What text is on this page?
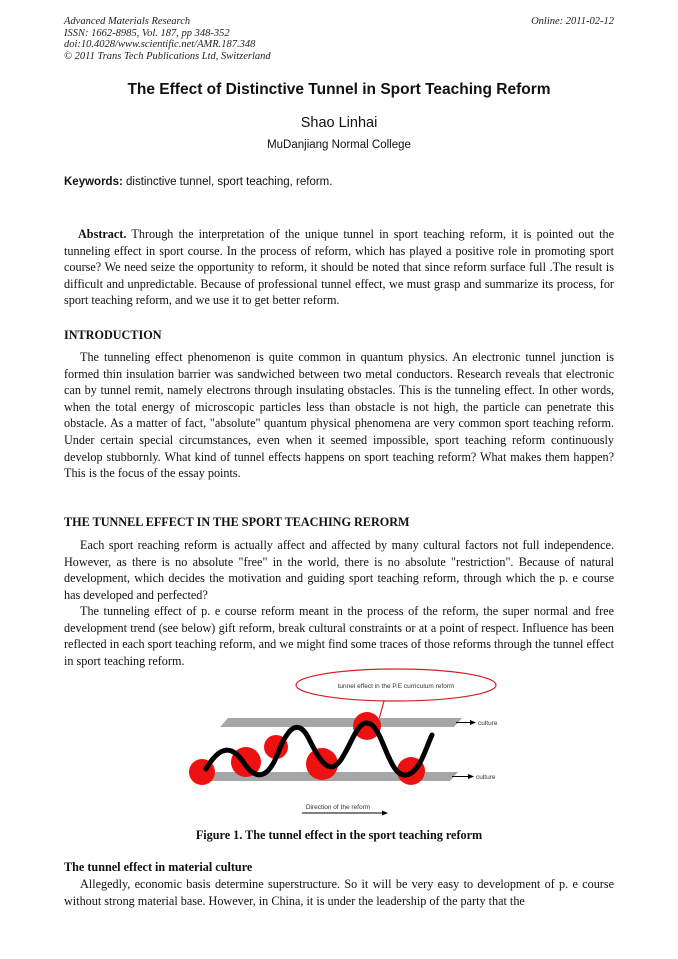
Advanced Materials Research
ISSN: 1662-8985, Vol. 187, pp 348-352
doi:10.4028/www.scientific.net/AMR.187.348
© 2011 Trans Tech Publications Ltd, Switzerland
Online: 2011-02-12
The Effect of Distinctive Tunnel in Sport Teaching Reform
Shao Linhai
MuDanjiang Normal College
Keywords: distinctive tunnel, sport teaching, reform.

Abstract. Through the interpretation of the unique tunnel in sport teaching reform, it is pointed out the tunneling effect in sport course. In the process of reform, which has played a positive role in promoting sport course? We need seize the opportunity to reform, it should be noted that since reform surface full .The result is difficult and unpredictable. Because of professional tunnel effect, we must grasp and summarize its process, for sport teaching reform, and we use it to get better reform.

INTRODUCTION

The tunneling effect phenomenon is quite common in quantum physics. An electronic tunnel junction is formed thin insulation barrier was sandwiched between two metal conductors. Research reveals that electronic can by tunnel remit, namely electrons through insulating obstacles. This is the tunneling effect. In other words, when the total energy of microscopic particles less than obstacle is not high, the particle can penetrate this obstacle. As a matter of fact, "absolute" quantum physical phenomena are very common sport teaching reform. Under certain special circumstances, even when it seemed impossible, sport teaching reform continuously develop stubbornly. What kind of tunnel effects happens on sport teaching reform? What makes them happen? This is the focus of the essay points.

THE TUNNEL EFFECT IN THE SPORT TEACHING RERORM

Each sport reaching reform is actually affect and affected by many cultural factors not full independence. However, as there is no absolute "free" in the world, there is no absolute "restriction". Because of natural development, which decides the motivation and guiding sport teaching reform, through which the p. e course has developed and perfected?

The tunneling effect of p. e course reform meant in the process of the reform, the super normal and free development trend (see below) gift reform, break cultural constraints or at a point of respect. Influence has been reflected in each sport teaching reform, and we might find some traces of those reforms through the tunnel effect in sport teaching reform.

tunnel effect in the P.E curriculum reform
culture
culture
Direction of the reform
Figure 1. The tunnel effect in the sport teaching reform
The tunnel effect in material culture

Allegedly, economic basis determine superstructure. So it will be very easy to development of p. e course without strong material base. However, in China, it is under the leadership of the party that the
